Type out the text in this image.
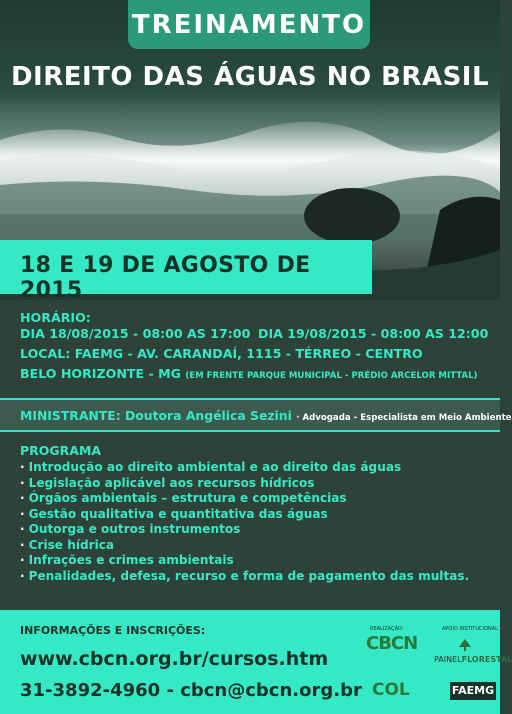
TREINAMENTO
DIREITO DAS ÁGUAS NO BRASIL
18 E 19 DE AGOSTO DE 2015
HORÁRIO:
DIA 18/08/2015 - 08:00 AS 17:00 DIA 19/08/2015 - 08:00 AS 12:00
LOCAL: FAEMG - AV. CARANDAÍ, 1115 - TÉRREO - CENTRO
BELO HORIZONTE - MG (EM FRENTE PARQUE MUNICIPAL - PRÉDIO ARCELOR MITTAL)
MINISTRANTE: Doutora Angélica Sezini · Advogada - Especialista em Meio Ambiente
PROGRAMA
· Introdução ao direito ambiental e ao direito das águas
· Legislação aplicável aos recursos hídricos
· Órgãos ambientais – estrutura e competências
· Gestão qualitativa e quantitativa das águas
· Outorga e outros instrumentos
· Crise hídrica
· Infrações e crimes ambientais
· Penalidades, defesa, recurso e forma de pagamento das multas.
INFORMAÇÕES E INSCRIÇÕES:
www.cbcn.org.br/cursos.htm
31-3892-4960 - cbcn@cbcn.org.br
REALIZAÇÃO:	APOIO INSTITUCIONAL:
CBCN
PAINELFLORESTAL
COL	FAEMG
